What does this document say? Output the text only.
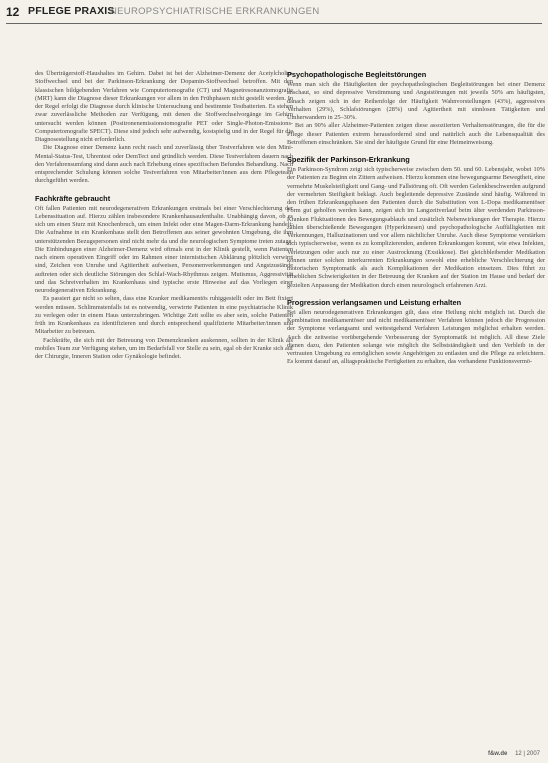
12 PFLEGE PRAXIS
NEUROPSYCHIATRISCHE ERKRANKUNGEN

des Überträgerstoff-Haushaltes im Gehirn. Dabei ist bei der Alzheimer-Demenz der Acetylcholin-Stoffwechsel und bei der Parkinson-Erkrankung der Dopamin-Stoffwechsel betroffen. Mit den klassischen bildgebenden Verfahren wie Computertomografie (CT) und Magnetresonanztomografie (MRT) kann die Diagnose dieser Erkrankungen vor allem in den Frühphasen nicht gestellt werden. In der Regel erfolgt die Diagnose durch klinische Untersuchung und bestimmte Testbatterien. Es stehen zwar zuverlässliche Methoden zur Verfügung, mit denen die Stoffwechselvorgänge im Gehirn untersucht werden können (Positronenemissionstomografie PET oder Single-Photon-Emissions-Computertomografie SPECT). Diese sind jedoch sehr aufwendig, kostspielig und in der Regel für die Diagnosestellung nicht erforderlich.

Die Diagnose einer Demenz kann recht rasch und zuverlässig über Testverfahren wie den Mini-Mental-Status-Test, Uhrentest oder DemTect und gründlich werden. Diese Testverfahren dauern nach den Verfahrensumfang sind dann auch nach Erhebung eines spezifischen Befundes Behandlung. Nach entsprechender Schulung können solche Testverfahren von Mitarbeiter/innen aus dem Pflegeteam durchgeführt werden.

Fachkräfte gebraucht

Oft fallen Patienten mit neurodegenerativen Erkrankungen erstmals bei einer Verschlechterung der Lebenssituation auf. Hierzu zählen insbesondere Krankenhausaufenthalte. Unabhängig davon, ob es sich um einen Sturz mit Knochenbruch, um einen Infekt oder eine Magen-Darm-Erkrankung handelt: Die Aufnahme in ein Krankenhaus stellt den Betroffenen aus seiner gewohnten Umgebung, die ihm unterstützenden Bezugspersonen sind nicht mehr da und die neurologischen Symptome treten zutage. Die Einbindungen einer Alzheimer-Demenz wird oftmals erst in der Klinik gestellt, wenn Patienten nach einem operativen Eingriff oder im Rahmen einer internistischen Abklärung plötzlich verwirrt sind, Zeichen von Unruhe und Agitiertheit aufweisen, Personenverkennungen und Angstzustände auftreten oder sich deutliche Störungen des Schlaf-Wach-Rhythmus zeigen. Mutismus, Aggressivität und das Schreiverhalten im Krankenhaus sind typische erste Hinweise auf das Vorliegen einer neurodegenerativen Erkrankung.

Es passiert gar nicht so selten, dass eine Kranker medikamentös ruhiggestellt oder im Bett fixiert werden müssen. Schlimmstenfalls ist es notwendig, verwirrte Patienten in eine psychiatrische Klinik zu verlegen oder in einem Haus unterzubringen. Wichtige Zeit sollte es aber sein, solche Patienten früh im Krankenhaus zu identifizieren und durch entsprechend qualifizierte Mitarbeiter/innen und Mitarbeiter zu betreuen.

Fachkräfte, die sich mit der Betreuung von Demenzkranken auskennen, sollten in der Klinik als mobiles Team zur Verfügung stehen, um im Bedarfsfall vor Stelle zu sein, egal ob der Kranke sich auf der Chirurgie, Inneren Station oder Gynäkologie befindet.

Psychopathologische Begleitstörungen

Wenn man sich die Häufigkeiten der psychopathologischen Begleitstörungen bei einer Demenz anschaut, so sind depressive Verstimmung und Angststörungen mit jeweils 50% am häufigsten, danach zeigen sich in der Reihenfolge der Häufigkeit Wahnvorstellungen (43%), aggressives Verhalten (29%), Schlafstörungen (28%) und Agitiertheit mit sinnlosen Tätigkeiten und Umherwandern in 25–30%.

Bei an 90% aller Alzheimer-Patienten zeigen diese assoziierten Verhaltensstörungen, die für die Pflege dieser Patienten extrem herausfordernd sind und natürlich auch die Lebensqualität des Betroffenen einschränken. Sie sind der häufigste Grund für eine Heimeinweisung.

Spezifik der Parkinson-Erkrankung

Ein Parkinson-Syndrom zeigt sich typischerweise zwischen dem 50. und 60. Lebensjahr, wobei 10% der Patienten zu Beginn ein Zittern aufweisen. Hierzu kommen eine bewegungsarme Bewegtheit, eine vermehrte Muskelsteifigkeit und Gang- und Fallstörung oft. Oft werden Gelenkbeschwerden aufgrund der vermehrten Steifigkeit beklagt. Auch begleitende depressive Zustände sind häufig. Während in den frühen Erkrankungsphasen den Patienten durch die Substitution von L-Dopa medikamentöser Form gut geholfen werden kann, zeigen sich im Langzeitverlauf beim älter werdenden Parkinson-Kranken Fluktuationen des Bewegungsablaufs und zusätzlich Nebenwirkungen der Therapie. Hierzu zählen überschießende Bewegungen (Hyperkinesen) und psychopathologische Auffälligkeiten mit Verkennungen, Halluzinationen und vor allem nächtlicher Unruhe. Auch diese Symptome verstärken sich typischerweise, wenn es zu komplizierenden, anderen Erkrankungen kommt, wie etwa Infekten, Verletzungen oder auch nur zu einer Austrocknung (Exsikkose). Bei gleichbleibender Medikation können unter solchen interkurrenten Erkrankungen sowohl eine erhebliche Verschlechterung der motorischen Symptomatik als auch Komplikationen der Medikation einsetzen. Dies führt zu erheblichen Schwierigkeiten in der Betreuung der Kranken auf der Station im Hause und bedarf der gezielten Anpassung der Medikation durch einen neurologisch erfahrenen Arzt.

Progression verlangsamen und Leistung erhalten

Bei allen neurodegenerativen Erkrankungen gilt, dass eine Heilung nicht möglich ist. Durch die Kombination medikamentöser und nicht medikamentöser Verfahren können jedoch die Progression der Symptome verlangsamt und weitestgehend Verfahren Leistungen möglichst erhalten werden. Auch die zeitweise vorübergehende Verbesserung der Symptomatik ist möglich. All diese Ziele dienen dazu, den Patienten solange wie möglich die Selbstständigkeit und den Verbleib in der vertrauten Umgebung zu ermöglichen sowie Angehörigen zu entlasten und die Pflege zu erleichtern. Es kommt darauf an, alltagspraktische Fertigkeiten zu erhalten, das vorhandene Funktionsvermö-

f&w.de 12 | 2007
